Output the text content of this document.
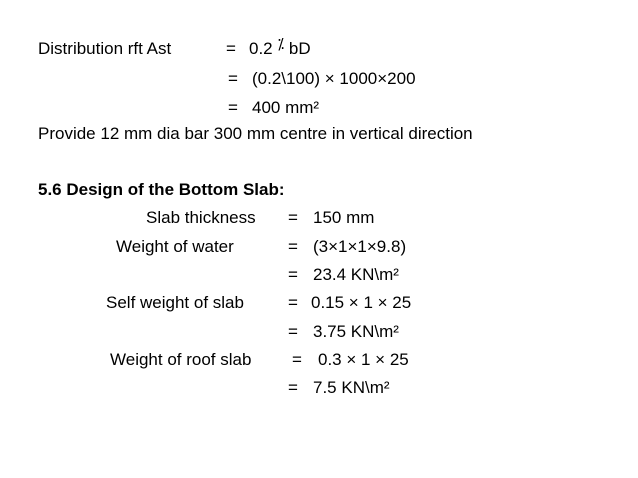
Distribution rft Ast	= 0.2 ⁒ bD
= (0.2\100) × 1000×200
= 400 mm²
Provide 12 mm dia bar 300 mm centre in vertical direction
5.6 Design of the Bottom Slab:
Slab thickness = 150 mm
Weight of water	= (3×1×1×9.8)
= 23.4 KN\m²
Self weight of slab	= 0.15 × 1 × 25
= 3.75 KN\m²
Weight of roof slab = 0.3 × 1 × 25
= 7.5 KN\m²
